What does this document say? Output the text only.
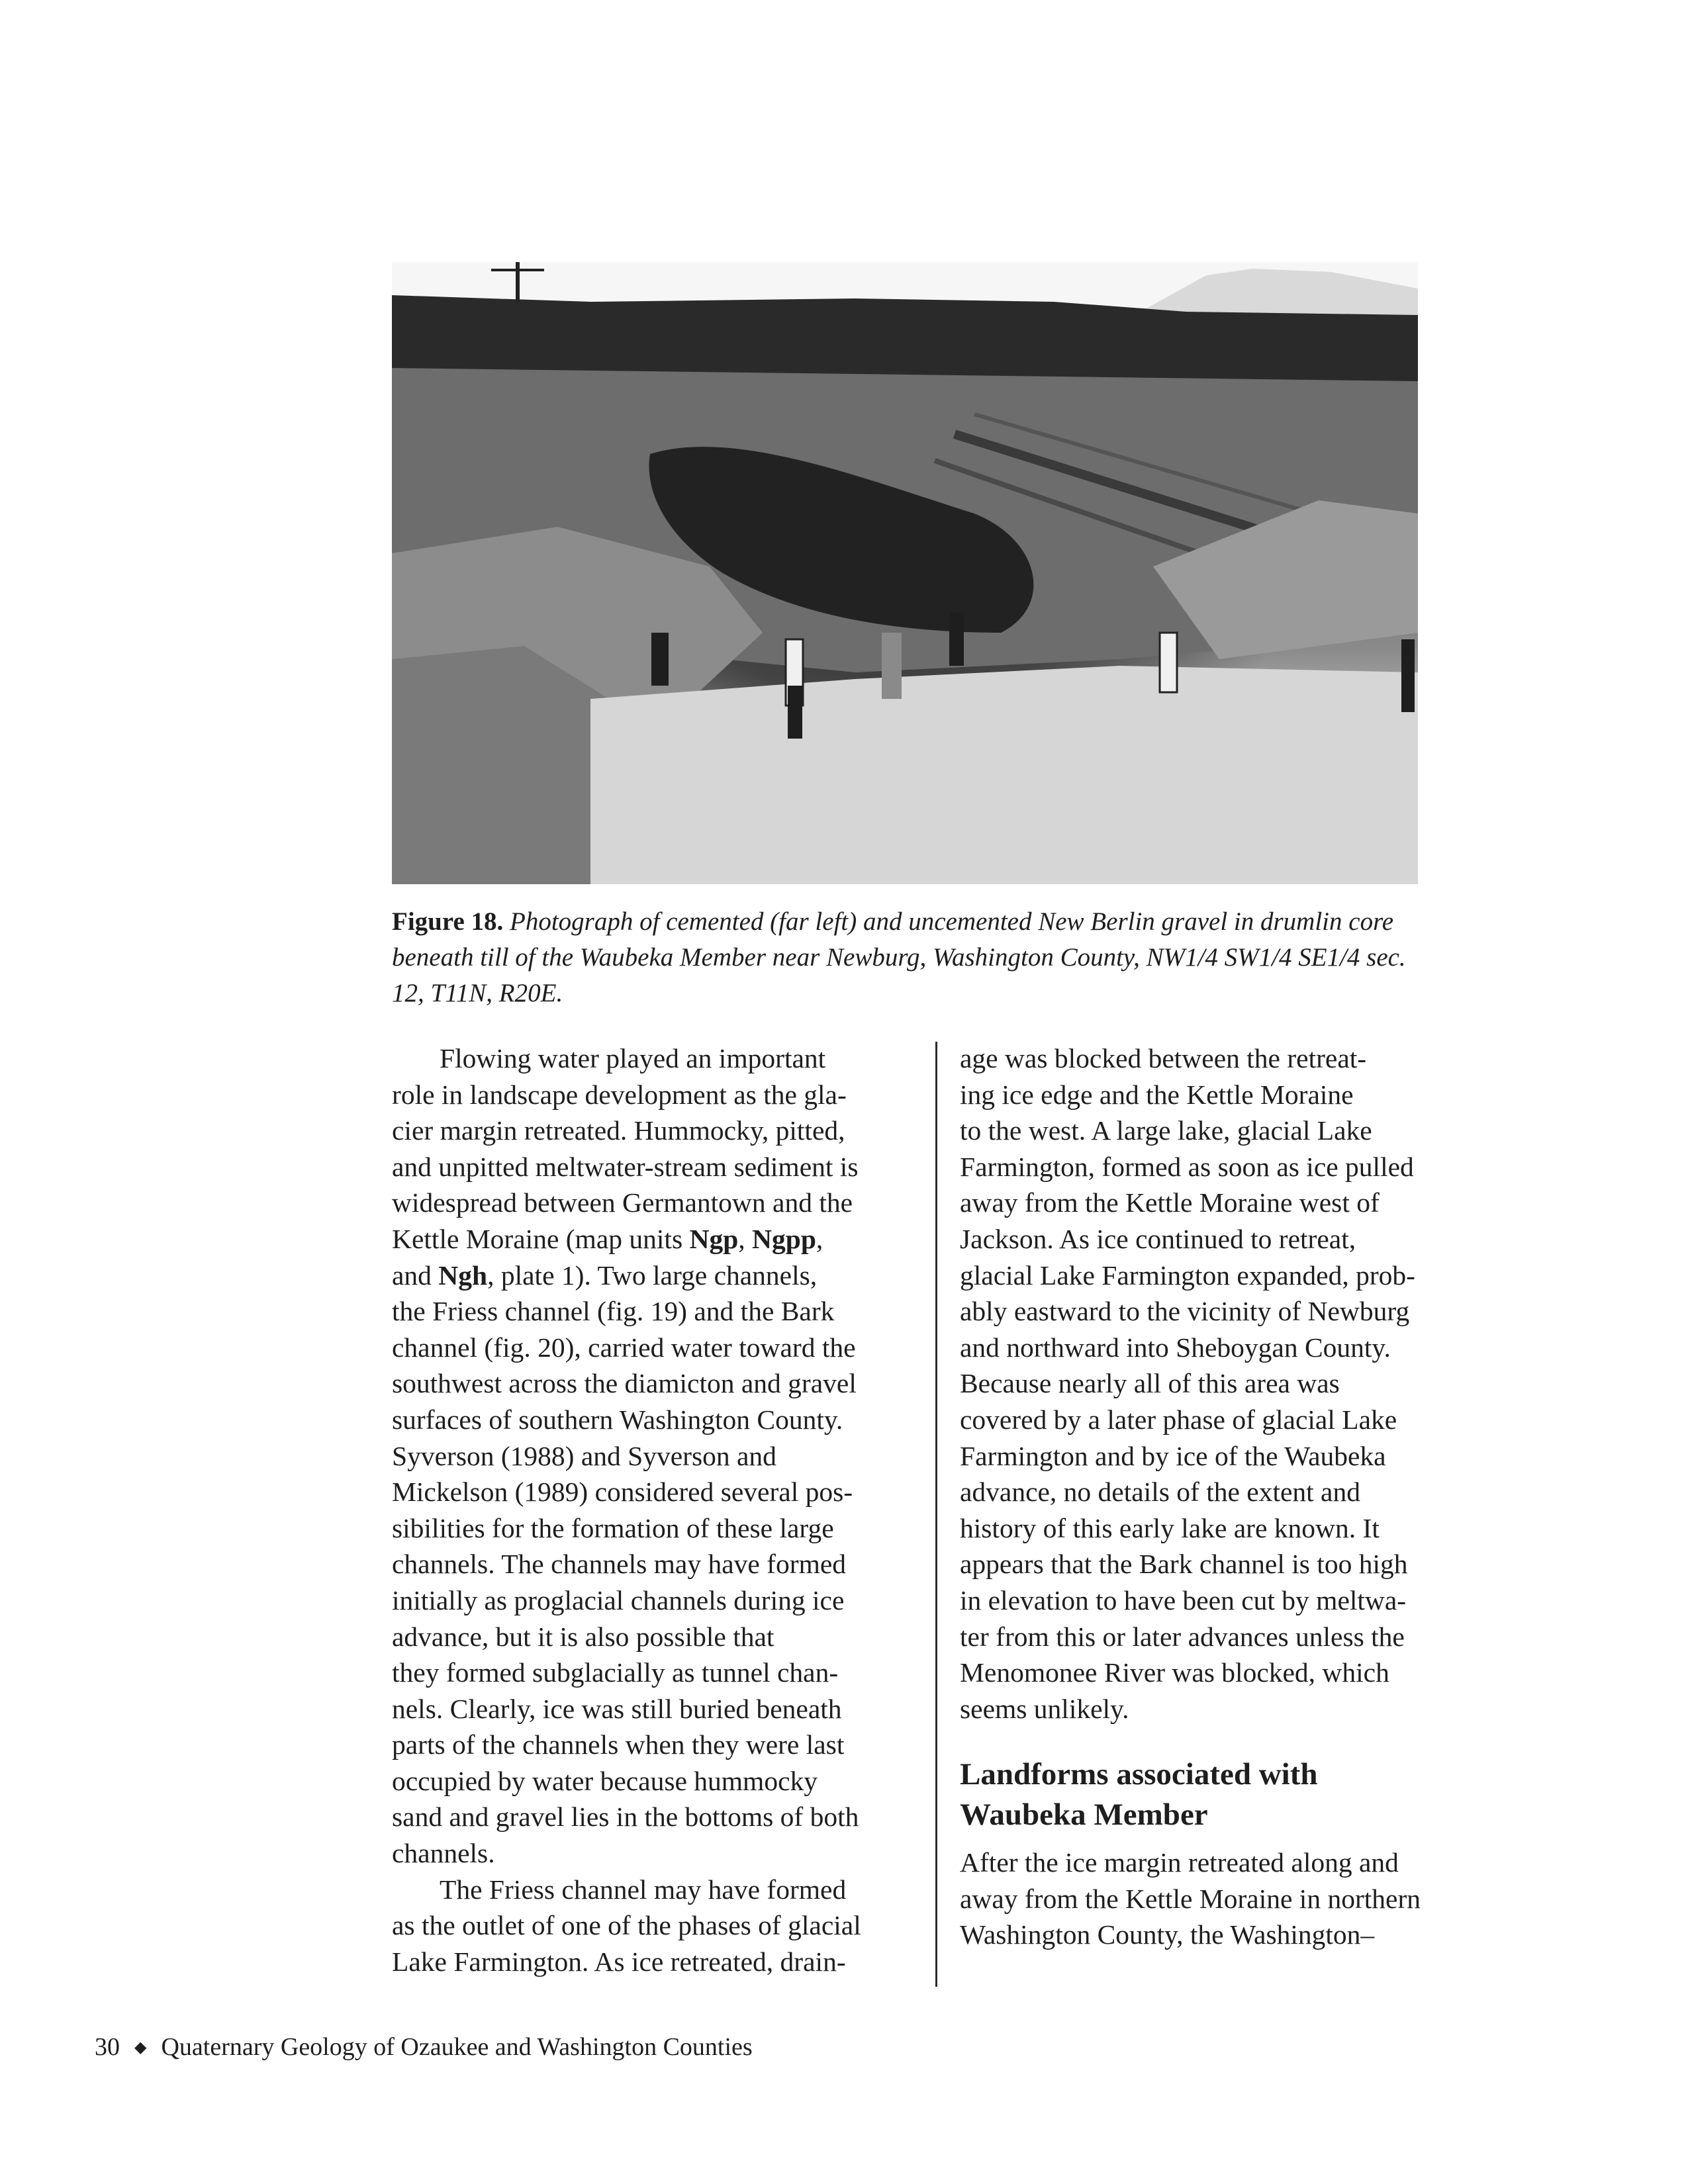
Figure 18. Photograph of cemented (far left) and uncemented New Berlin gravel in drumlin core
beneath till of the Waubeka Member near Newburg, Washington County, NW1/4 SW1/4 SE1/4 sec.
12, T11N, R20E.
Flowing water played an important
role in landscape development as the gla-
cier margin retreated. Hummocky, pitted,
and unpitted meltwater-stream sediment is
widespread between Germantown and the
Kettle Moraine (map units Ngp, Ngpp,
and Ngh, plate 1). Two large channels,
the Friess channel (fig. 19) and the Bark
channel (fig. 20), carried water toward the
southwest across the diamicton and gravel
surfaces of southern Washington County.
Syverson (1988) and Syverson and
Mickelson (1989) considered several pos-
sibilities for the formation of these large
channels. The channels may have formed
initially as proglacial channels during ice
advance, but it is also possible that
they formed subglacially as tunnel chan-
nels. Clearly, ice was still buried beneath
parts of the channels when they were last
occupied by water because hummocky
sand and gravel lies in the bottoms of both
channels.
The Friess channel may have formed
as the outlet of one of the phases of glacial
Lake Farmington. As ice retreated, drain-
age was blocked between the retreat-
ing ice edge and the Kettle Moraine
to the west. A large lake, glacial Lake
Farmington, formed as soon as ice pulled
away from the Kettle Moraine west of
Jackson. As ice continued to retreat,
glacial Lake Farmington expanded, prob-
ably eastward to the vicinity of Newburg
and northward into Sheboygan County.
Because nearly all of this area was
covered by a later phase of glacial Lake
Farmington and by ice of the Waubeka
advance, no details of the extent and
history of this early lake are known. It
appears that the Bark channel is too high
in elevation to have been cut by meltwa-
ter from this or later advances unless the
Menomonee River was blocked, which
seems unlikely.
Landforms associated with
Waubeka Member
After the ice margin retreated along and
away from the Kettle Moraine in northern
Washington County, the Washington–
30 ◆ Quaternary Geology of Ozaukee and Washington Counties
